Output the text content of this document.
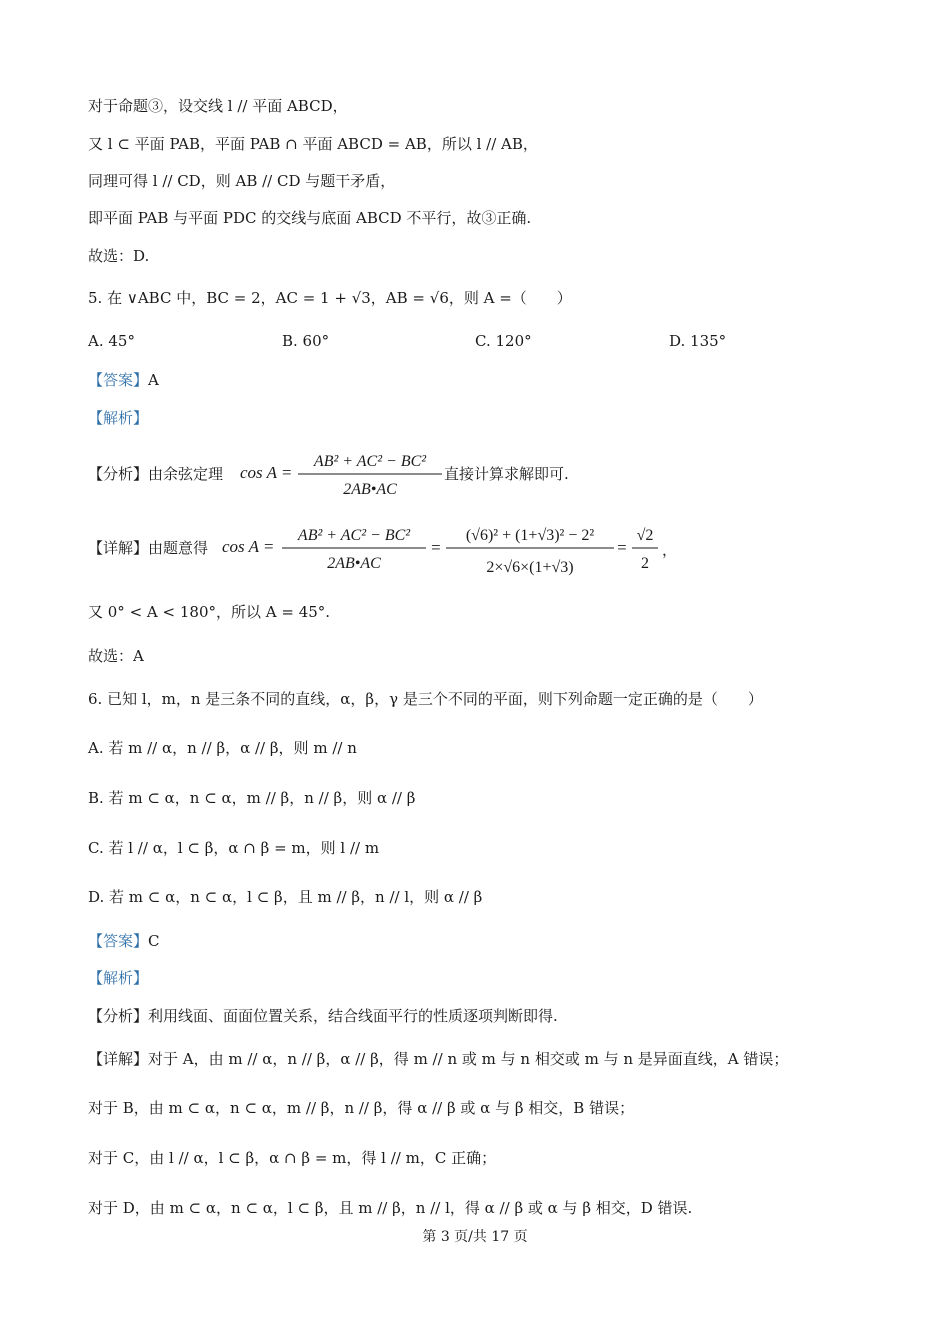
对于命题③，设交线 l // 平面 ABCD，
又 l ⊂ 平面 PAB，平面 PAB ∩ 平面 ABCD = AB，所以 l // AB，
同理可得 l // CD，则 AB // CD 与题干矛盾，
即平面 PAB 与平面 PDC 的交线与底面 ABCD 不平行，故③正确.
故选：D.
5. 在 ∨ABC 中，BC = 2，AC = 1 + √3，AB = √6，则 A =（　　）
A. 45°	B. 60°	C. 120°	D. 135°
【答案】A
【解析】
【分析】由余弦定理 cos A =
AB² + AC² − BC²
2AB•AC
直接计算求解即可.
【详解】由题意得 cos A =
AB² + AC² − BC²
2AB•AC
=
(√6)² + (1+√3)² − 2²
2×√6×(1+√3)
=
√2
2
，
又 0° < A < 180°，所以 A = 45°.
故选：A
6. 已知 l，m，n 是三条不同的直线，α，β，γ 是三个不同的平面，则下列命题一定正确的是（　　）
A. 若 m // α，n // β，α // β，则 m // n
B. 若 m ⊂ α，n ⊂ α，m // β，n // β，则 α // β
C. 若 l // α，l ⊂ β，α ∩ β = m，则 l // m
D. 若 m ⊂ α，n ⊂ α，l ⊂ β，且 m // β，n // l，则 α // β
【答案】C
【解析】
【分析】利用线面、面面位置关系，结合线面平行的性质逐项判断即得.
【详解】对于 A，由 m // α，n // β，α // β，得 m // n 或 m 与 n 相交或 m 与 n 是异面直线，A 错误；
对于 B，由 m ⊂ α，n ⊂ α，m // β，n // β，得 α // β 或 α 与 β 相交，B 错误；
对于 C，由 l // α，l ⊂ β，α ∩ β = m，得 l // m，C 正确；
对于 D，由 m ⊂ α，n ⊂ α，l ⊂ β，且 m // β，n // l，得 α // β 或 α 与 β 相交，D 错误.
第 3 页/共 17 页
